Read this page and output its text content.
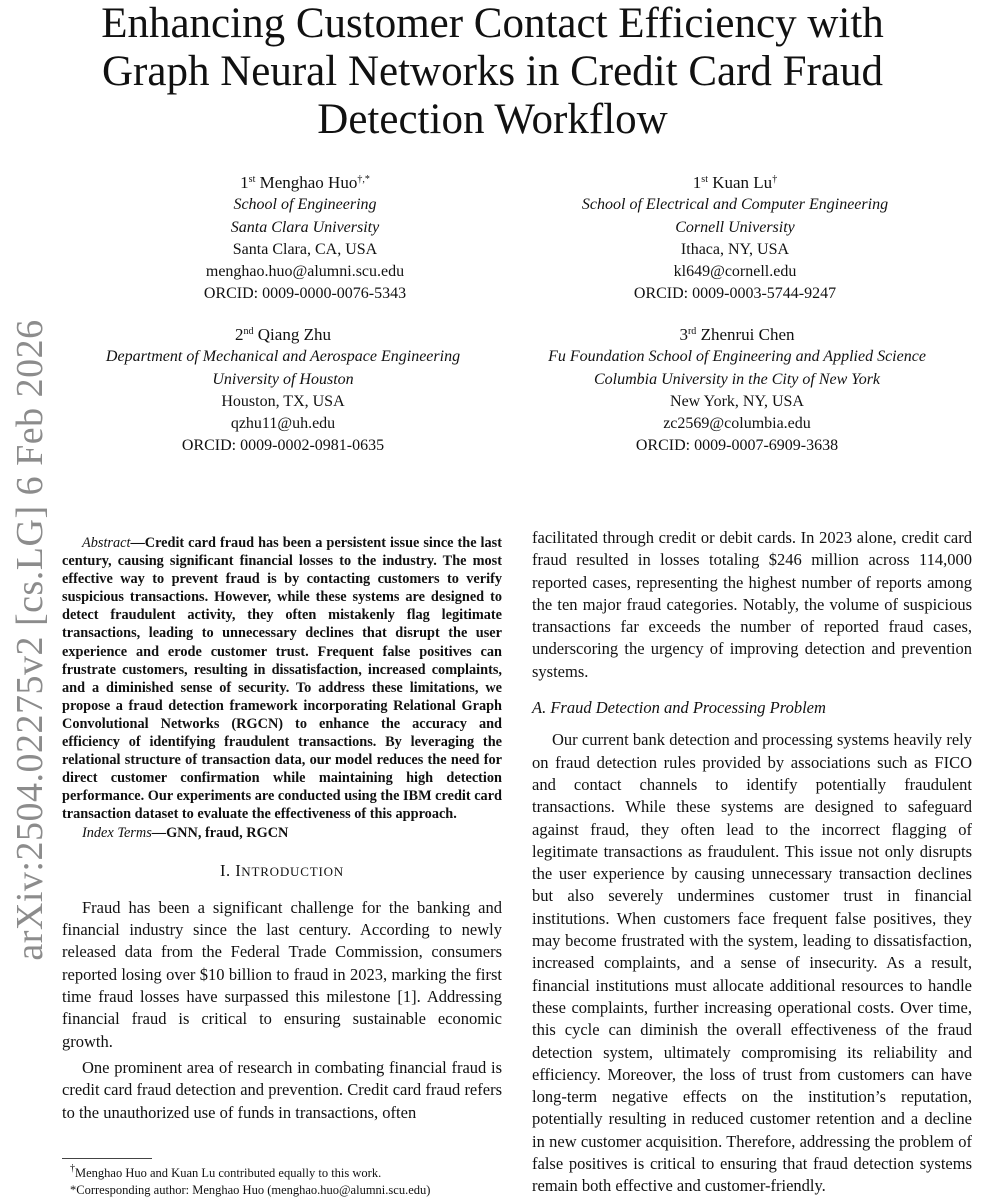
arXiv:2504.02275v2 [cs.LG] 6 Feb 2026
Enhancing Customer Contact Efficiency with Graph Neural Networks in Credit Card Fraud Detection Workflow
1st Menghao Huo†,*
School of Engineering
Santa Clara University
Santa Clara, CA, USA
menghao.huo@alumni.scu.edu
ORCID: 0009-0000-0076-5343
1st Kuan Lu†
School of Electrical and Computer Engineering
Cornell University
Ithaca, NY, USA
kl649@cornell.edu
ORCID: 0009-0003-5744-9247
2nd Qiang Zhu
Department of Mechanical and Aerospace Engineering
University of Houston
Houston, TX, USA
qzhu11@uh.edu
ORCID: 0009-0002-0981-0635
3rd Zhenrui Chen
Fu Foundation School of Engineering and Applied Science
Columbia University in the City of New York
New York, NY, USA
zc2569@columbia.edu
ORCID: 0009-0007-6909-3638

Abstract—Credit card fraud has been a persistent issue since the last century, causing significant financial losses to the industry. The most effective way to prevent fraud is by contacting customers to verify suspicious transactions. However, while these systems are designed to detect fraudulent activity, they often mistakenly flag legitimate transactions, leading to unnecessary declines that disrupt the user experience and erode customer trust. Frequent false positives can frustrate customers, resulting in dissatisfaction, increased complaints, and a diminished sense of security. To address these limitations, we propose a fraud detection framework incorporating Relational Graph Convolutional Networks (RGCN) to enhance the accuracy and efficiency of identifying fraudulent transactions. By leveraging the relational structure of transaction data, our model reduces the need for direct customer confirmation while maintaining high detection performance. Our experiments are conducted using the IBM credit card transaction dataset to evaluate the effectiveness of this approach.

Index Terms—GNN, fraud, RGCN

I. INTRODUCTION

Fraud has been a significant challenge for the banking and financial industry since the last century. According to newly released data from the Federal Trade Commission, consumers reported losing over $10 billion to fraud in 2023, marking the first time fraud losses have surpassed this milestone [1]. Addressing financial fraud is critical to ensuring sustainable economic growth.

One prominent area of research in combating financial fraud is credit card fraud detection and prevention. Credit card fraud refers to the unauthorized use of funds in transactions, often

†Menghao Huo and Kuan Lu contributed equally to this work.

*Corresponding author: Menghao Huo (menghao.huo@alumni.scu.edu)

facilitated through credit or debit cards. In 2023 alone, credit card fraud resulted in losses totaling $246 million across 114,000 reported cases, representing the highest number of reports among the ten major fraud categories. Notably, the volume of suspicious transactions far exceeds the number of reported fraud cases, underscoring the urgency of improving detection and prevention systems.

A. Fraud Detection and Processing Problem

Our current bank detection and processing systems heavily rely on fraud detection rules provided by associations such as FICO and contact channels to identify potentially fraudulent transactions. While these systems are designed to safeguard against fraud, they often lead to the incorrect flagging of legitimate transactions as fraudulent. This issue not only disrupts the user experience by causing unnecessary transaction declines but also severely undermines customer trust in financial institutions. When customers face frequent false positives, they may become frustrated with the system, leading to dissatisfaction, increased complaints, and a sense of insecurity. As a result, financial institutions must allocate additional resources to handle these complaints, further increasing operational costs. Over time, this cycle can diminish the overall effectiveness of the fraud detection system, ultimately compromising its reliability and efficiency. Moreover, the loss of trust from customers can have long-term negative effects on the institution’s reputation, potentially resulting in reduced customer retention and a decline in new customer acquisition. Therefore, addressing the problem of false positives is critical to ensuring that fraud detection systems remain both effective and customer-friendly.
